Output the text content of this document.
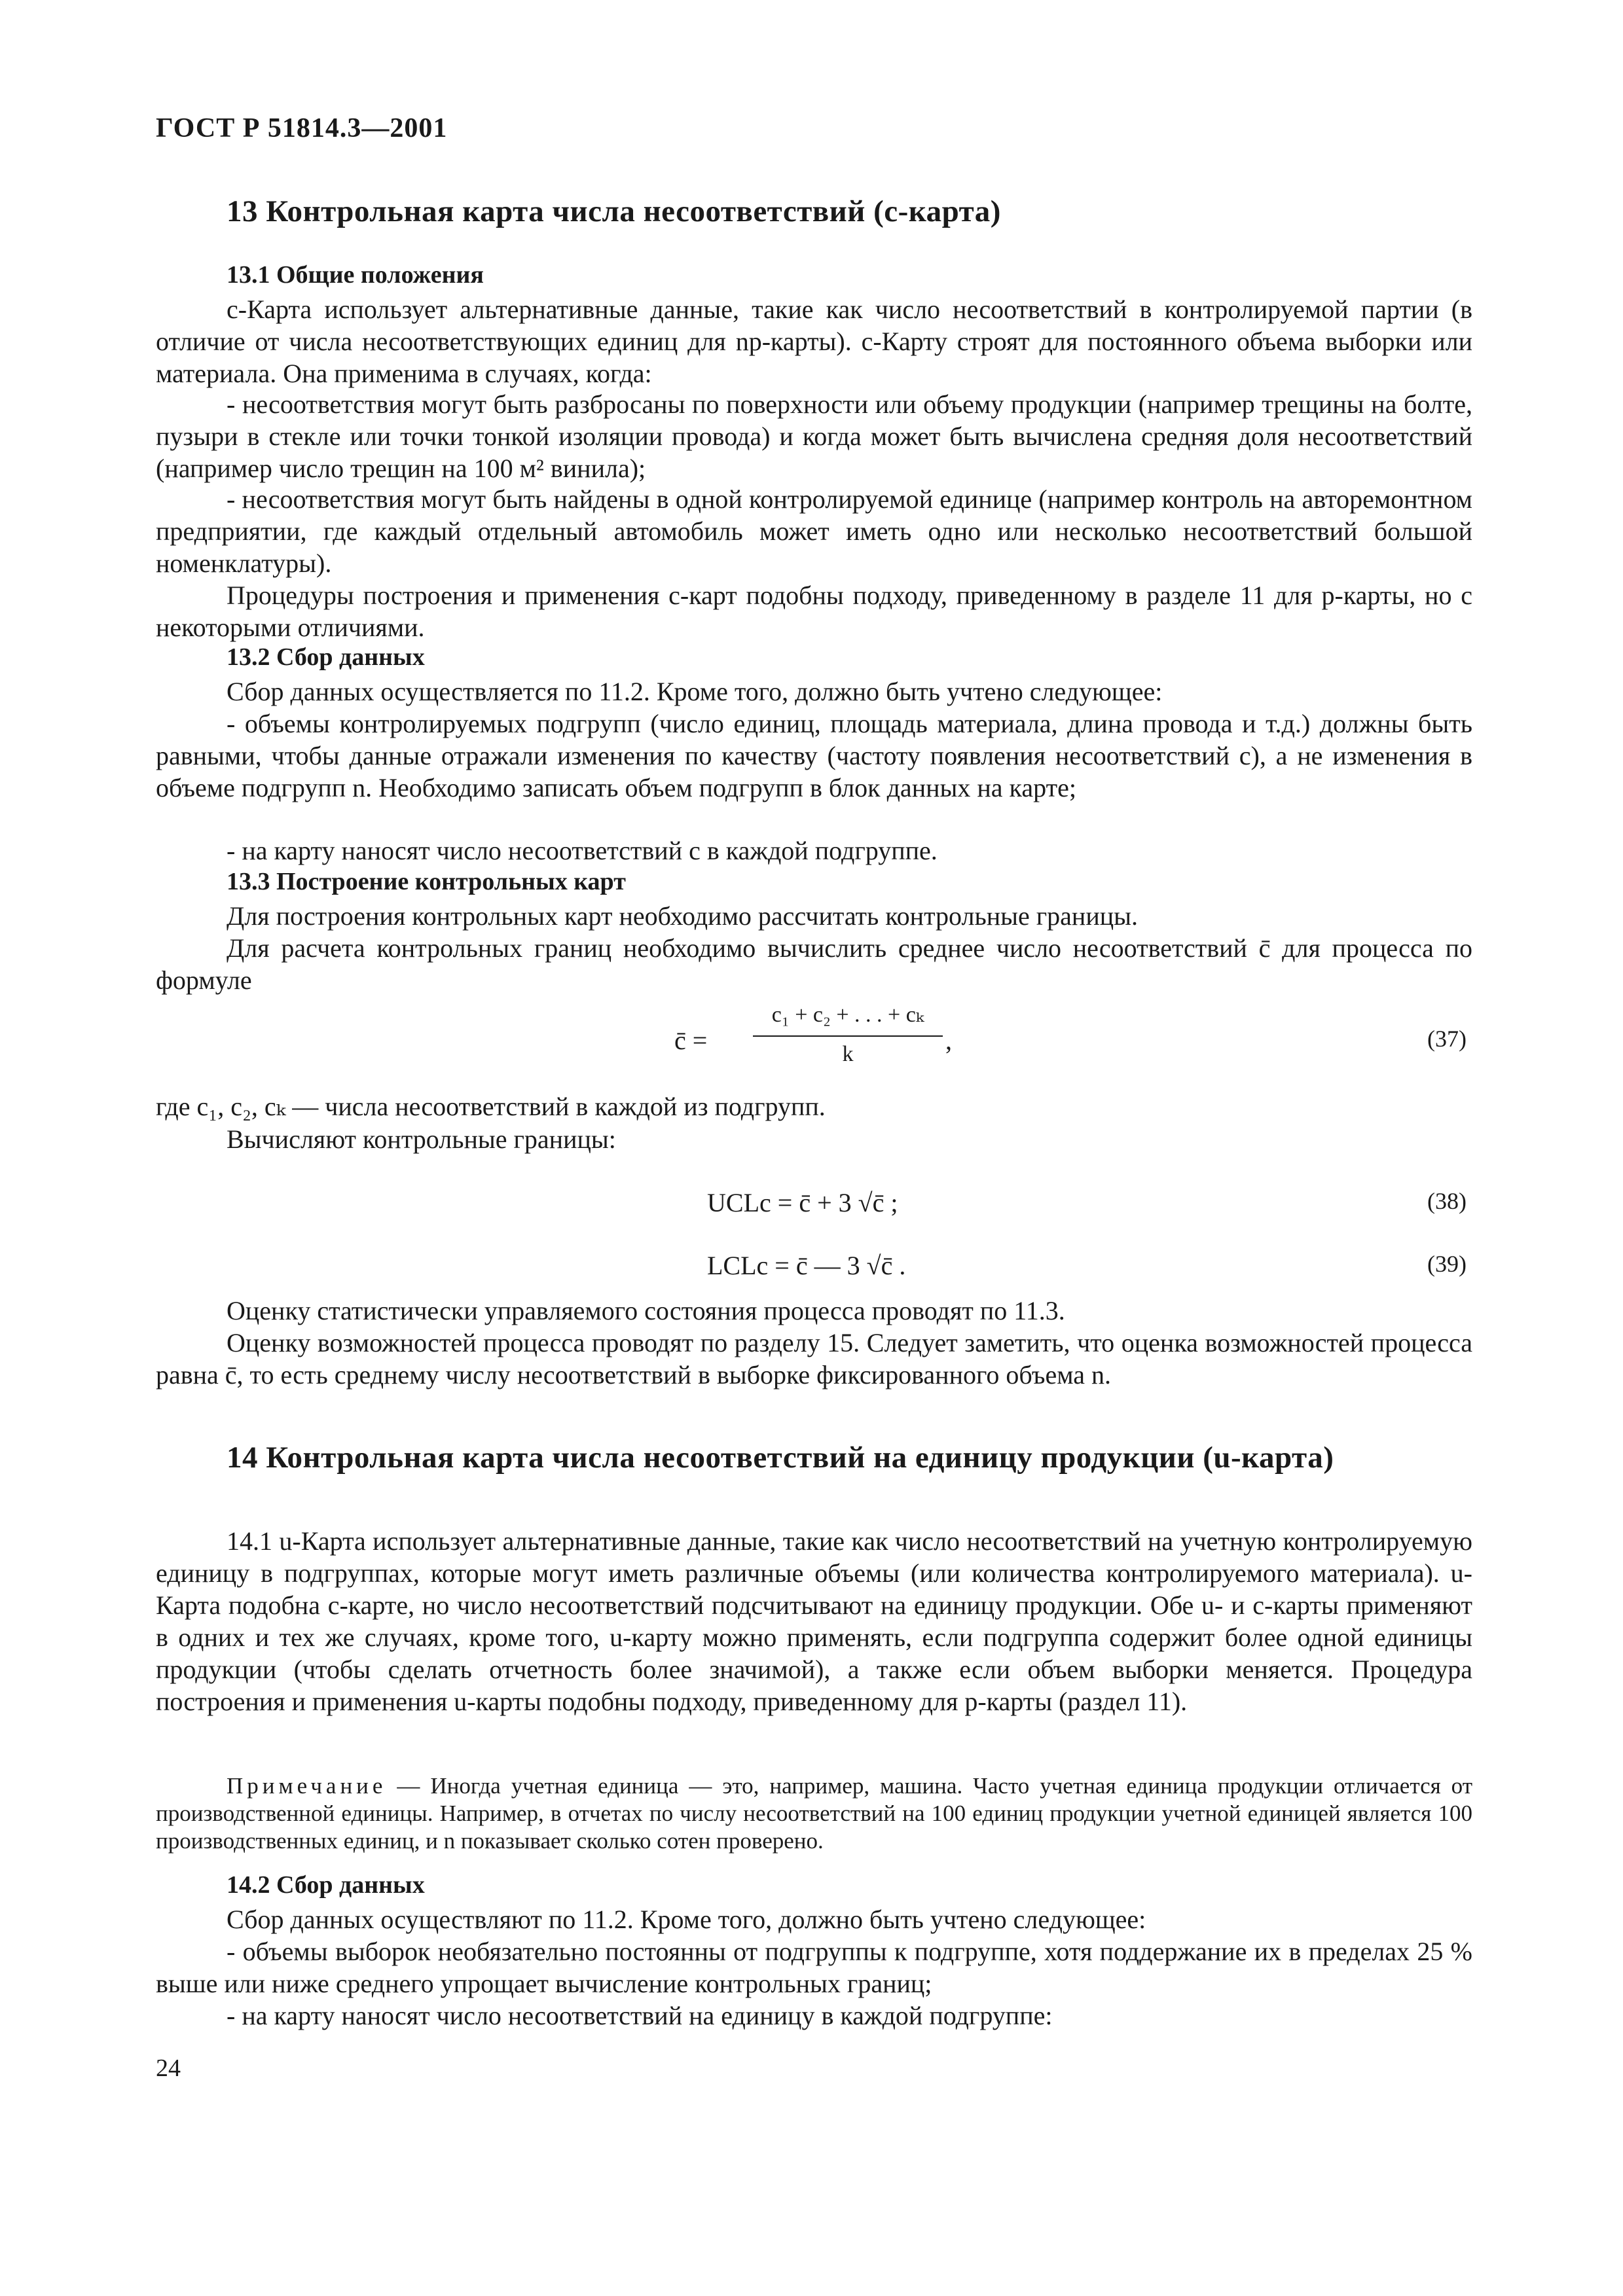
ГОСТ Р 51814.3—2001
13 Контрольная карта числа несоответствий (c-карта)
13.1 Общие положения
c-Карта использует альтернативные данные, такие как число несоответствий в контролируемой партии (в отличие от числа несоответствующих единиц для np-карты). c-Карту строят для постоянного объема выборки или материала. Она применима в случаях, когда:
- несоответствия могут быть разбросаны по поверхности или объему продукции (например трещины на болте, пузыри в стекле или точки тонкой изоляции провода) и когда может быть вычислена средняя доля несоответствий (например число трещин на 100 м² винила);
- несоответствия могут быть найдены в одной контролируемой единице (например контроль на авторемонтном предприятии, где каждый отдельный автомобиль может иметь одно или несколько несоответствий большой номенклатуры).
Процедуры построения и применения c-карт подобны подходу, приведенному в разделе 11 для p-карты, но с некоторыми отличиями.
13.2 Сбор данных
Сбор данных осуществляется по 11.2. Кроме того, должно быть учтено следующее:
- объемы контролируемых подгрупп (число единиц, площадь материала, длина провода и т.д.) должны быть равными, чтобы данные отражали изменения по качеству (частоту появления несоответствий c), а не изменения в объеме подгрупп n. Необходимо записать объем подгрупп в блок данных на карте;
- на карту наносят число несоответствий c в каждой подгруппе.
13.3 Построение контрольных карт
Для построения контрольных карт необходимо рассчитать контрольные границы.
Для расчета контрольных границ необходимо вычислить среднее число несоответствий c̄ для процесса по формуле
c̄ =
c₁ + c₂ + . . . + cₖ
k	,	(37)
где c₁, c₂, cₖ — числа несоответствий в каждой из подгрупп.
Вычисляют контрольные границы:
UCLc = c̄ + 3 √c̄ ;	(38)
LCLc = c̄ — 3 √c̄ .	(39)
Оценку статистически управляемого состояния процесса проводят по 11.3.
Оценку возможностей процесса проводят по разделу 15. Следует заметить, что оценка возможностей процесса равна c̄, то есть среднему числу несоответствий в выборке фиксированного объема n.
14 Контрольная карта числа несоответствий на единицу продукции (u-карта)
14.1 u-Карта использует альтернативные данные, такие как число несоответствий на учетную контролируемую единицу в подгруппах, которые могут иметь различные объемы (или количества контролируемого материала). u-Карта подобна c-карте, но число несоответствий подсчитывают на единицу продукции. Обе u- и c-карты применяют в одних и тех же случаях, кроме того, u-карту можно применять, если подгруппа содержит более одной единицы продукции (чтобы сделать отчетность более значимой), а также если объем выборки меняется. Процедура построения и применения u-карты подобны подходу, приведенному для p-карты (раздел 11).
Примечание — Иногда учетная единица — это, например, машина. Часто учетная единица продукции отличается от производственной единицы. Например, в отчетах по числу несоответствий на 100 единиц продукции учетной единицей является 100 производственных единиц, и n показывает сколько сотен проверено.
14.2 Сбор данных
Сбор данных осуществляют по 11.2. Кроме того, должно быть учтено следующее:
- объемы выборок необязательно постоянны от подгруппы к подгруппе, хотя поддержание их в пределах 25 % выше или ниже среднего упрощает вычисление контрольных границ;
- на карту наносят число несоответствий на единицу в каждой подгруппе:
24
